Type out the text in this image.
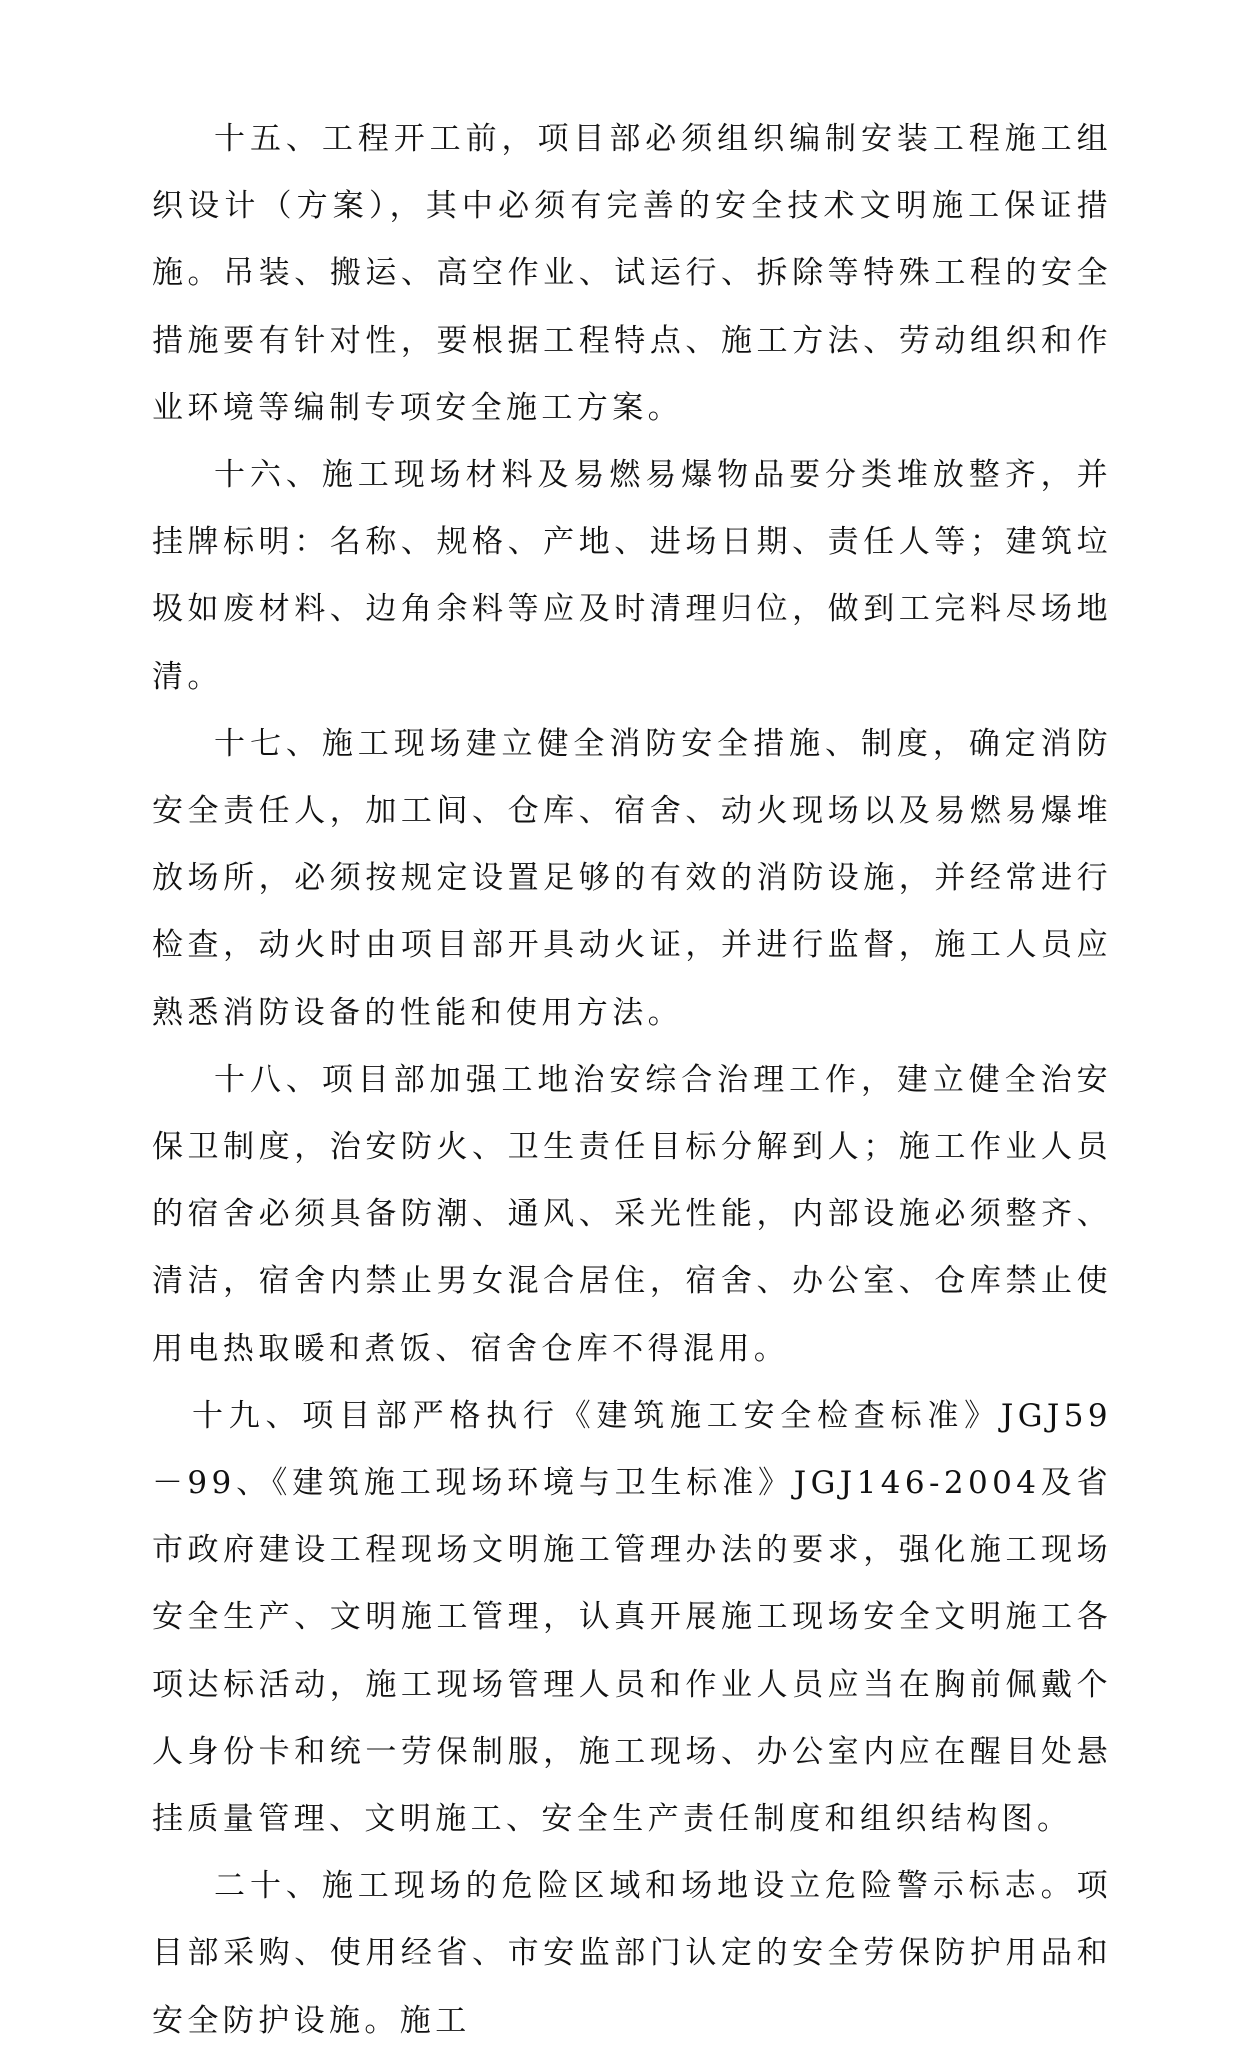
十五、工程开工前，项目部必须组织编制安装工程施工组织设计（方案），其中必须有完善的安全技术文明施工保证措施。吊装、搬运、高空作业、试运行、拆除等特殊工程的安全措施要有针对性，要根据工程特点、施工方法、劳动组织和作业环境等编制专项安全施工方案。

十六、施工现场材料及易燃易爆物品要分类堆放整齐，并挂牌标明：名称、规格、产地、进场日期、责任人等；建筑垃圾如废材料、边角余料等应及时清理归位，做到工完料尽场地清。

十七、施工现场建立健全消防安全措施、制度，确定消防安全责任人，加工间、仓库、宿舍、动火现场以及易燃易爆堆放场所，必须按规定设置足够的有效的消防设施，并经常进行检查，动火时由项目部开具动火证，并进行监督，施工人员应熟悉消防设备的性能和使用方法。

十八、项目部加强工地治安综合治理工作，建立健全治安保卫制度，治安防火、卫生责任目标分解到人；施工作业人员的宿舍必须具备防潮、通风、采光性能，内部设施必须整齐、清洁，宿舍内禁止男女混合居住，宿舍、办公室、仓库禁止使用电热取暖和煮饭、宿舍仓库不得混用。

十九、项目部严格执行《建筑施工安全检查标准》JGJ59－99、《建筑施工现场环境与卫生标准》JGJ146-2004及省市政府建设工程现场文明施工管理办法的要求，强化施工现场安全生产、文明施工管理，认真开展施工现场安全文明施工各项达标活动，施工现场管理人员和作业人员应当在胸前佩戴个人身份卡和统一劳保制服，施工现场、办公室内应在醒目处悬挂质量管理、文明施工、安全生产责任制度和组织结构图。

二十、施工现场的危险区域和场地设立危险警示标志。项目部采购、使用经省、市安监部门认定的安全劳保防护用品和安全防护设施。施工
